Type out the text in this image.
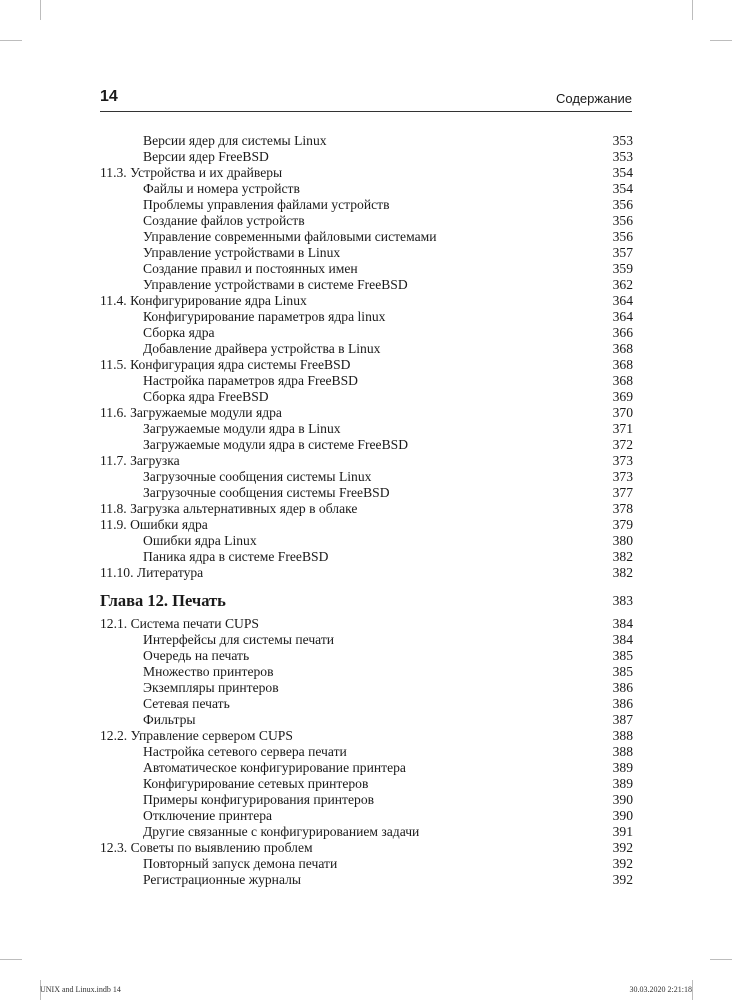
14	Содержание
Версии ядер для системы Linux	353
Версии ядер FreeBSD	353
11.3. Устройства и их драйверы	354
Файлы и номера устройств	354
Проблемы управления файлами устройств	356
Создание файлов устройств	356
Управление современными файловыми системами	356
Управление устройствами в Linux	357
Создание правил и постоянных имен	359
Управление устройствами в системе FreeBSD	362
11.4. Конфигурирование ядра Linux	364
Конфигурирование параметров ядра linux	364
Сборка ядра	366
Добавление драйвера устройства в Linux	368
11.5. Конфигурация ядра системы FreeBSD	368
Настройка параметров ядра FreeBSD	368
Сборка ядра FreeBSD	369
11.6. Загружаемые модули ядра	370
Загружаемые модули ядра в Linux	371
Загружаемые модули ядра в системе FreeBSD	372
11.7. Загрузка	373
Загрузочные сообщения системы Linux	373
Загрузочные сообщения системы FreeBSD	377
11.8. Загрузка альтернативных ядер в облаке	378
11.9. Ошибки ядра	379
Ошибки ядра Linux	380
Паника ядра в системе FreeBSD	382
11.10. Литература	382
Глава 12. Печать	383
12.1. Система печати CUPS	384
Интерфейсы для системы печати	384
Очередь на печать	385
Множество принтеров	385
Экземпляры принтеров	386
Сетевая печать	386
Фильтры	387
12.2. Управление сервером CUPS	388
Настройка сетевого сервера печати	388
Автоматическое конфигурирование принтера	389
Конфигурирование сетевых принтеров	389
Примеры конфигурирования принтеров	390
Отключение принтера	390
Другие связанные с конфигурированием задачи	391
12.3. Советы по выявлению проблем	392
Повторный запуск демона печати	392
Регистрационные журналы	392
UNIX and Linux.indb 14	30.03.2020 2:21:18
